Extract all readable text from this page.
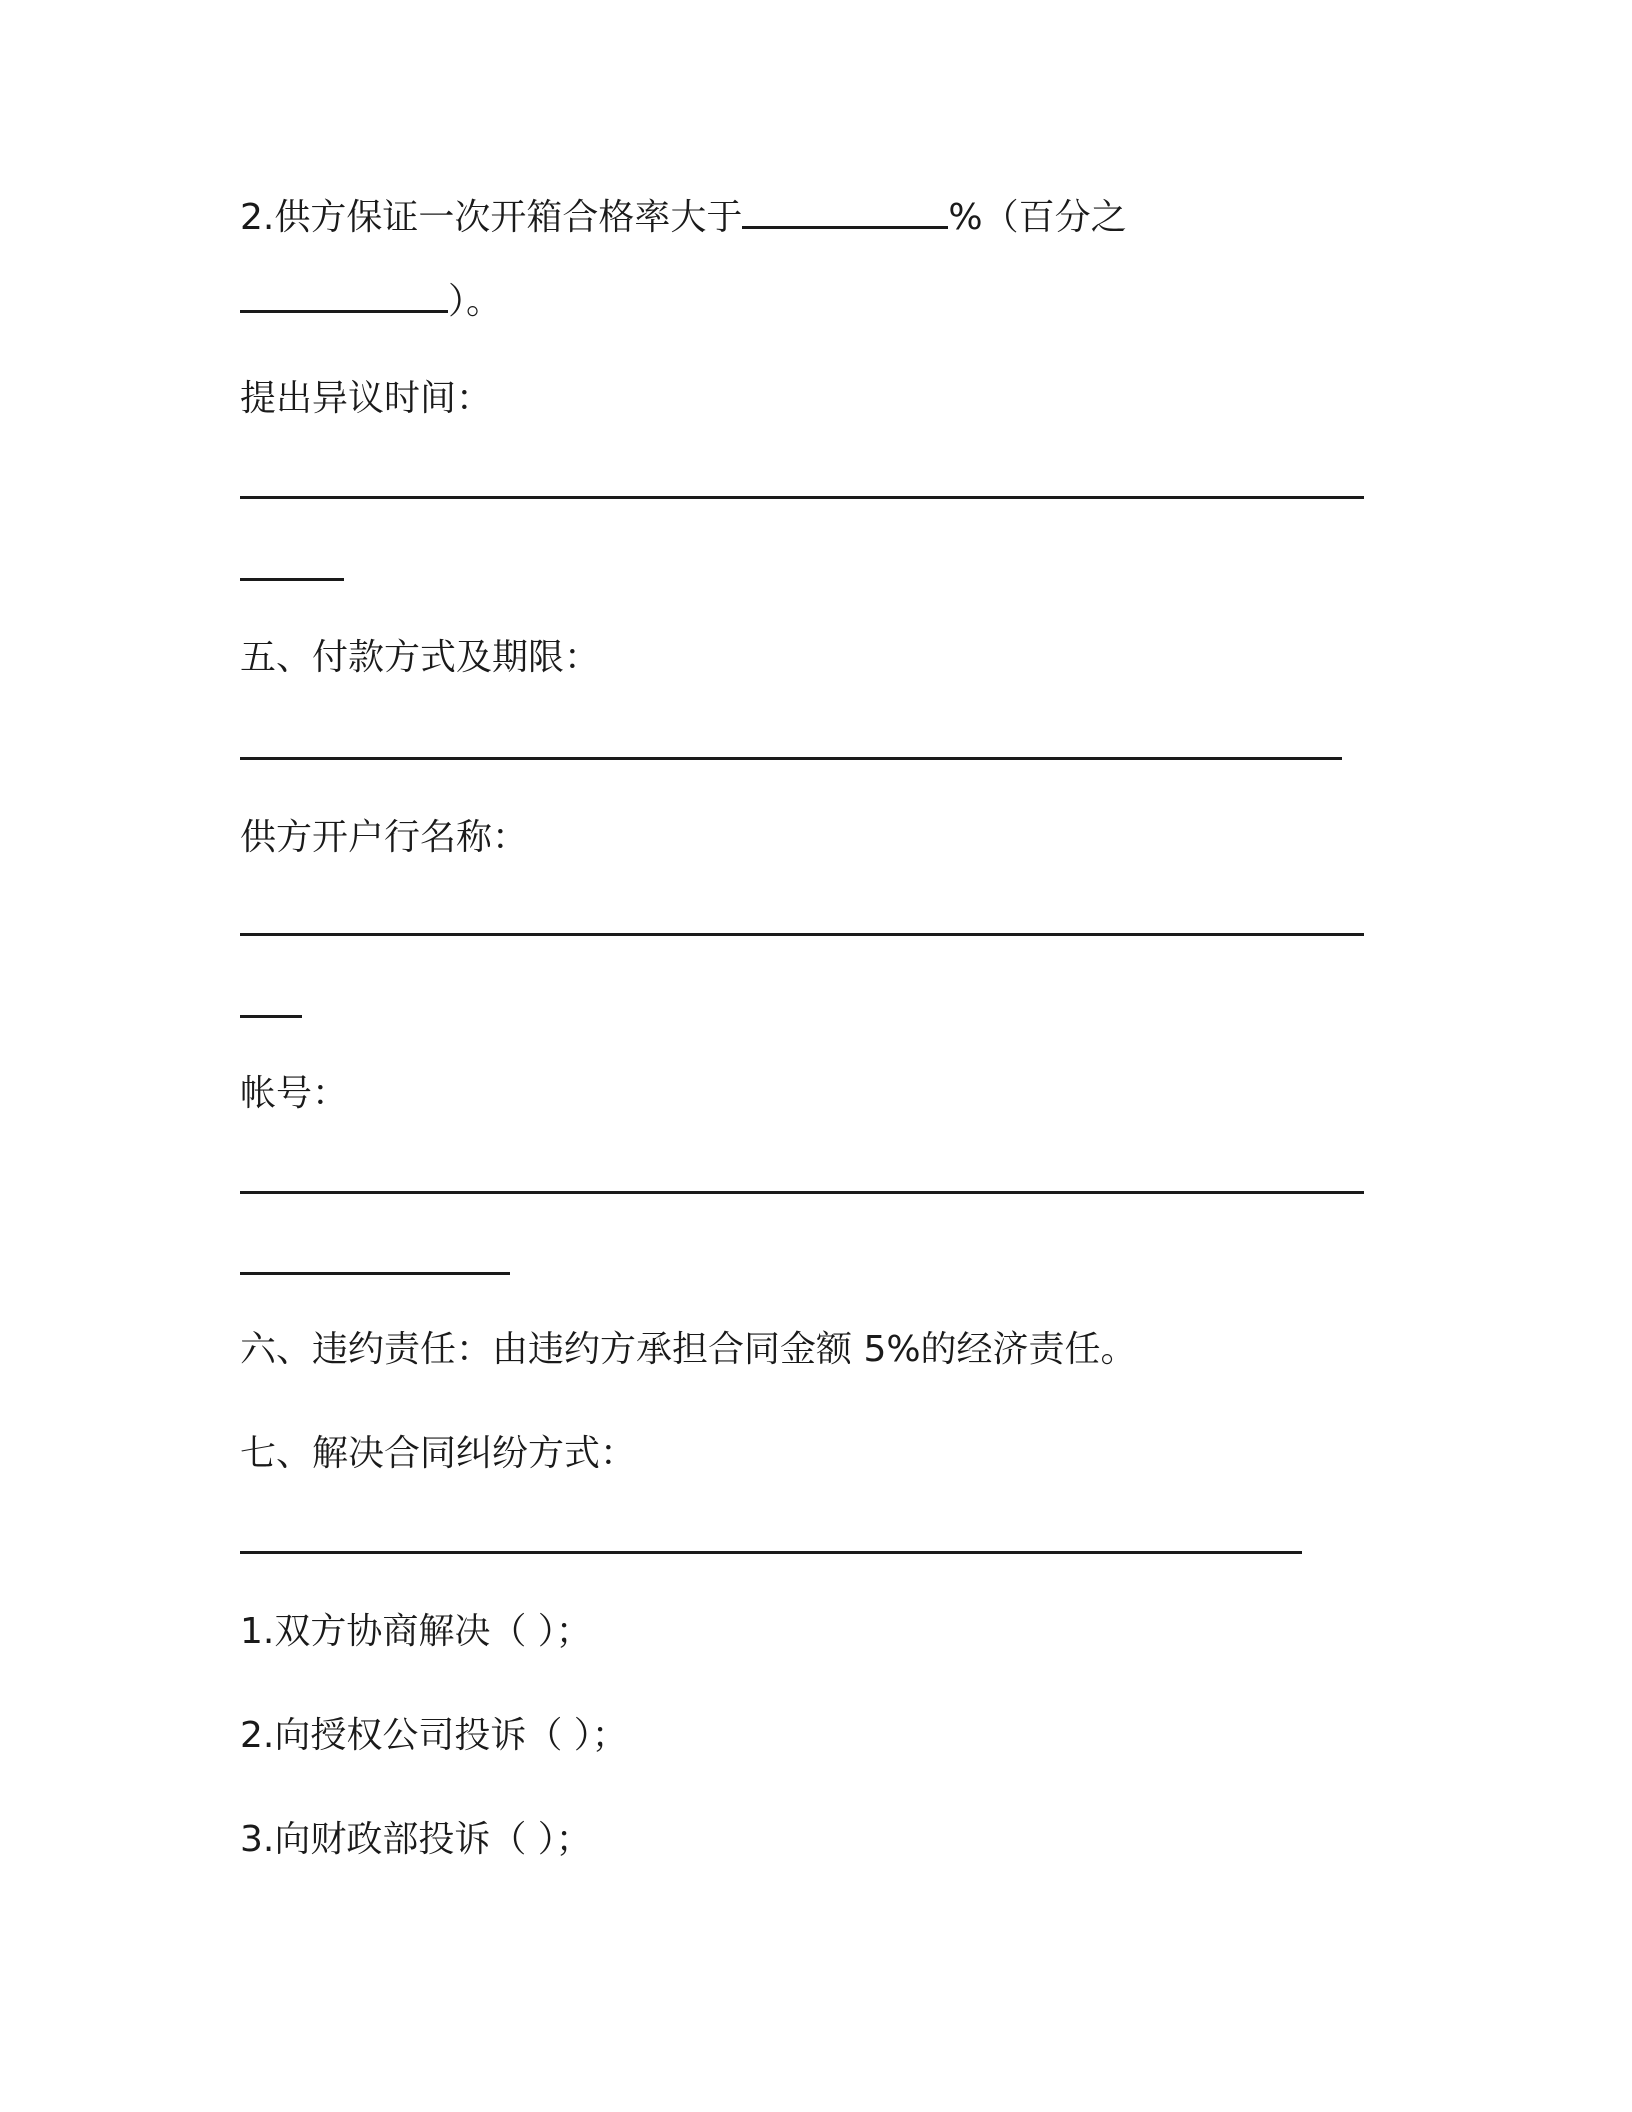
2.供方保证一次开箱合格率大于	%（百分之
）。
提出异议时间：
五、付款方式及期限：
供方开户行名称：
帐号：
六、违约责任：由违约方承担合同金额 5%的经济责任。
七、解决合同纠纷方式：
1.双方协商解决（ ）；
2.向授权公司投诉（ ）；
3.向财政部投诉（ ）；
